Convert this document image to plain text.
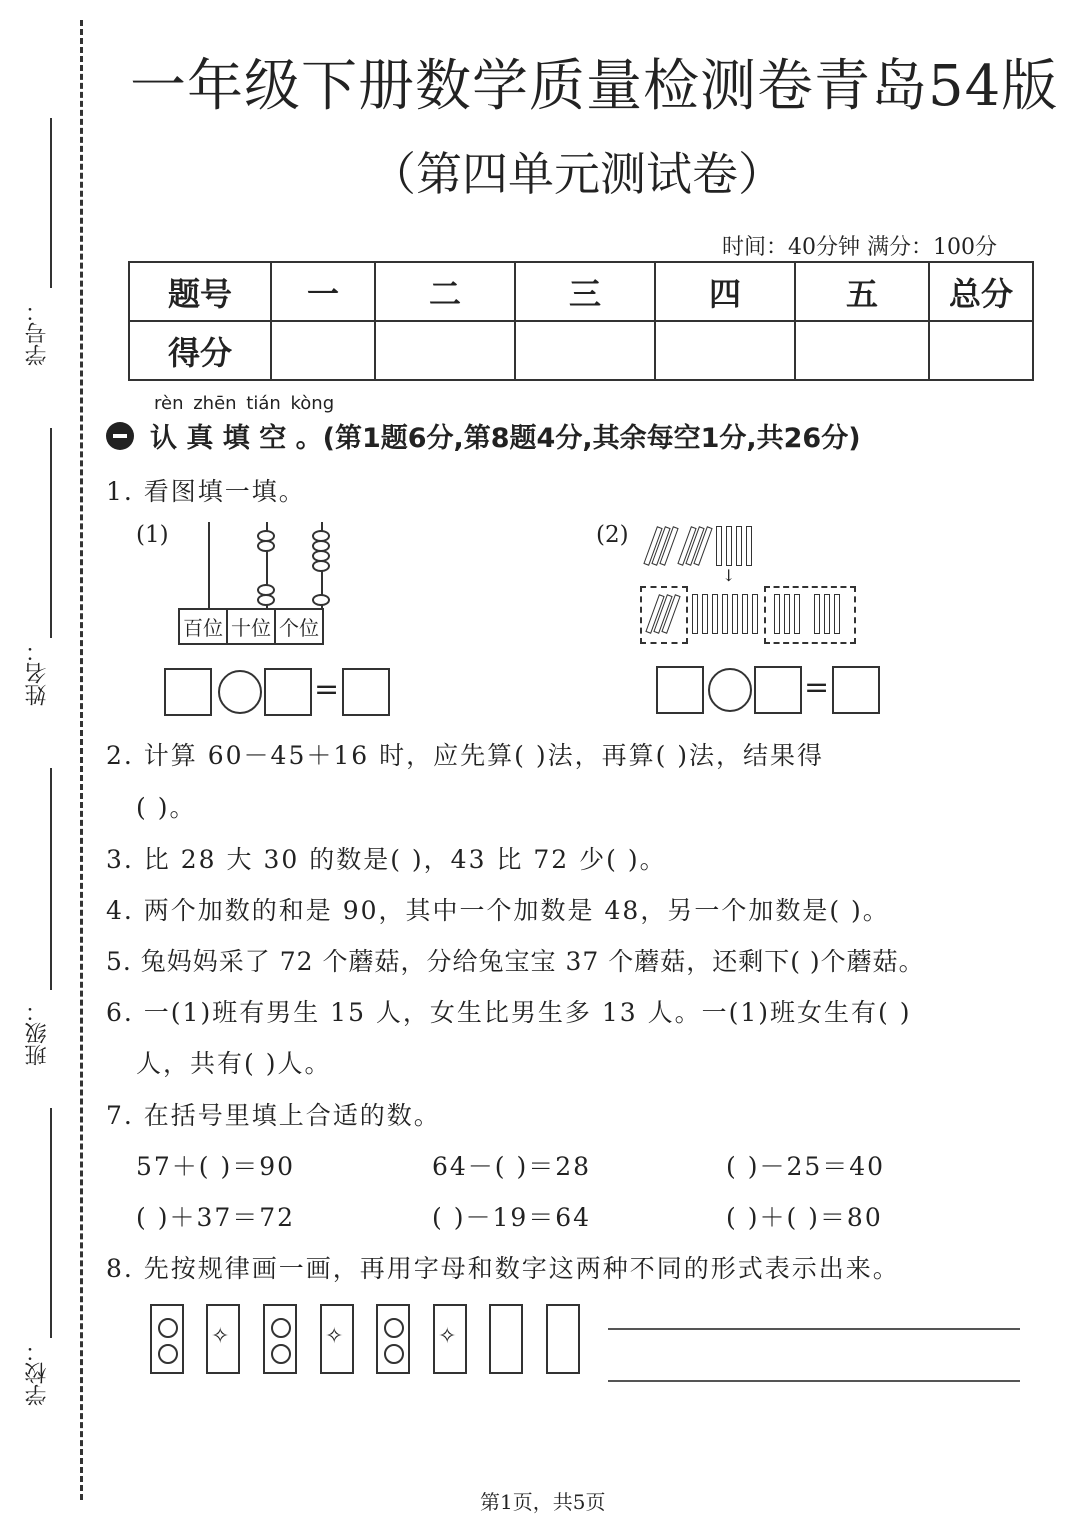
学号：
姓名：
班级：
学校：
一年级下册数学质量检测卷青岛54版
（第四单元测试卷）
时间：40分钟 满分：100分
题号	一	二	三	四	五	总分
得分						
rèn zhēn tián kòng
认 真 填 空 。(第1题6分,第8题4分,其余每空1分,共26分)
1. 看图填一填。
(1)	(2)
百位 十位 个位
=
↓
=
2. 计算 60－45＋16 时，应先算( )法，再算( )法，结果得
( )。
3. 比 28 大 30 的数是( )，43 比 72 少( )。
4. 两个加数的和是 90，其中一个加数是 48，另一个加数是( )。
5. 兔妈妈采了 72 个蘑菇，分给兔宝宝 37 个蘑菇，还剩下( )个蘑菇。
6. 一(1)班有男生 15 人，女生比男生多 13 人。一(1)班女生有( )
人，共有( )人。
7. 在括号里填上合适的数。
57＋( )＝90	64－( )＝28	( )－25＝40
( )＋37＝72	( )－19＝64	( )＋( )＝80
8. 先按规律画一画，再用字母和数字这两种不同的形式表示出来。
✧	✧	✧
第1页，共5页
